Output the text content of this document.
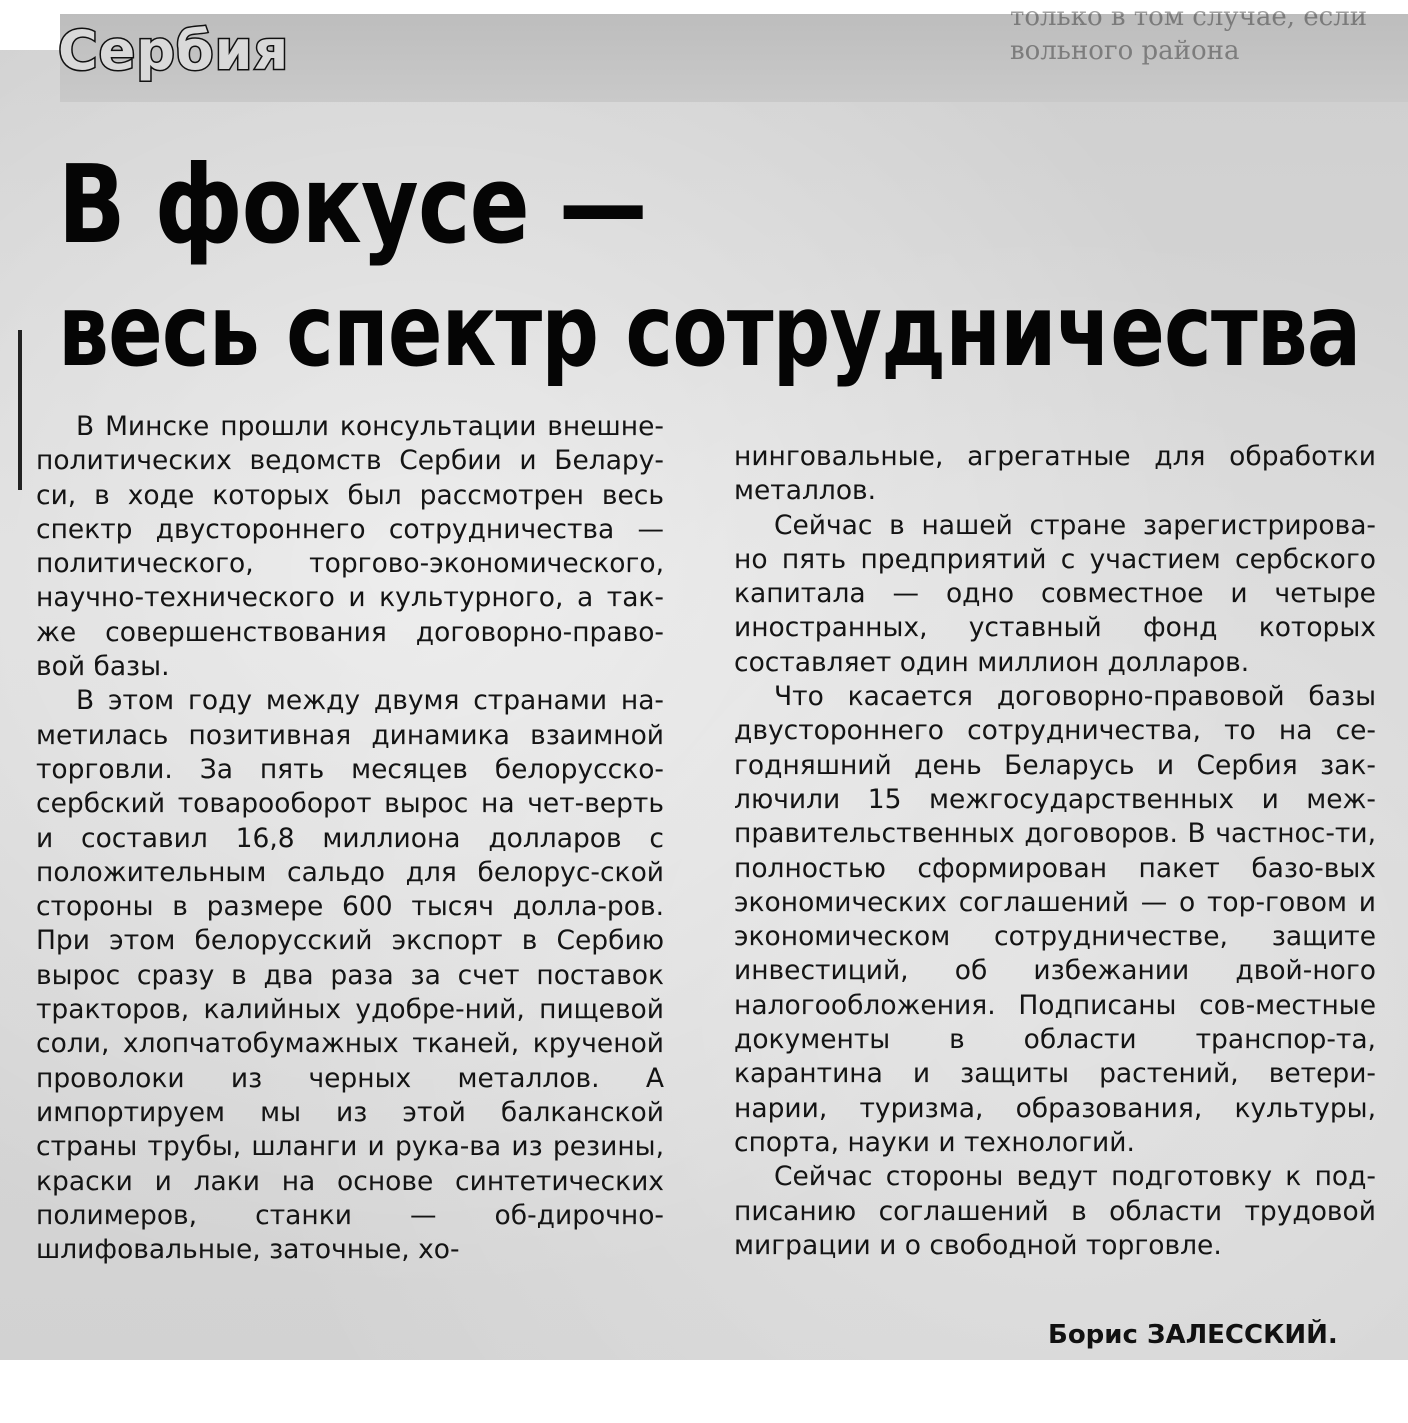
только в том случае, если
вольного района
Сербия
В фокусе —
весь спектр сотрудничества

В Минске прошли консультации внешне-политических ведомств Сербии и Белару-си, в ходе которых был рассмотрен весь спектр двустороннего сотрудничества — политического, торгово-экономического, научно-технического и культурного, а так-же совершенствования договорно-право-вой базы.

В этом году между двумя странами на-метилась позитивная динамика взаимной торговли. За пять месяцев белорусско-сербский товарооборот вырос на чет-верть и составил 16,8 миллиона долларов с положительным сальдо для белорус-ской стороны в размере 600 тысяч долла-ров. При этом белорусский экспорт в Сербию вырос сразу в два раза за счет поставок тракторов, калийных удобре-ний, пищевой соли, хлопчатобумажных тканей, крученой проволоки из черных металлов. А импортируем мы из этой балканской страны трубы, шланги и рука-ва из резины, краски и лаки на основе синтетических полимеров, станки — об-дирочно-шлифовальные, заточные, хо-

нинговальные, агрегатные для обработки металлов.

Сейчас в нашей стране зарегистрирова-но пять предприятий с участием сербского капитала — одно совместное и четыре иностранных, уставный фонд которых составляет один миллион долларов.

Что касается договорно-правовой базы двустороннего сотрудничества, то на се-годняшний день Беларусь и Сербия зак-лючили 15 межгосударственных и меж-правительственных договоров. В частнос-ти, полностью сформирован пакет базо-вых экономических соглашений — о тор-говом и экономическом сотрудничестве, защите инвестиций, об избежании двой-ного налогообложения. Подписаны сов-местные документы в области транспор-та, карантина и защиты растений, ветери-нарии, туризма, образования, культуры, спорта, науки и технологий.

Сейчас стороны ведут подготовку к под-писанию соглашений в области трудовой миграции и о свободной торговле.

Борис ЗАЛЕССКИЙ.
